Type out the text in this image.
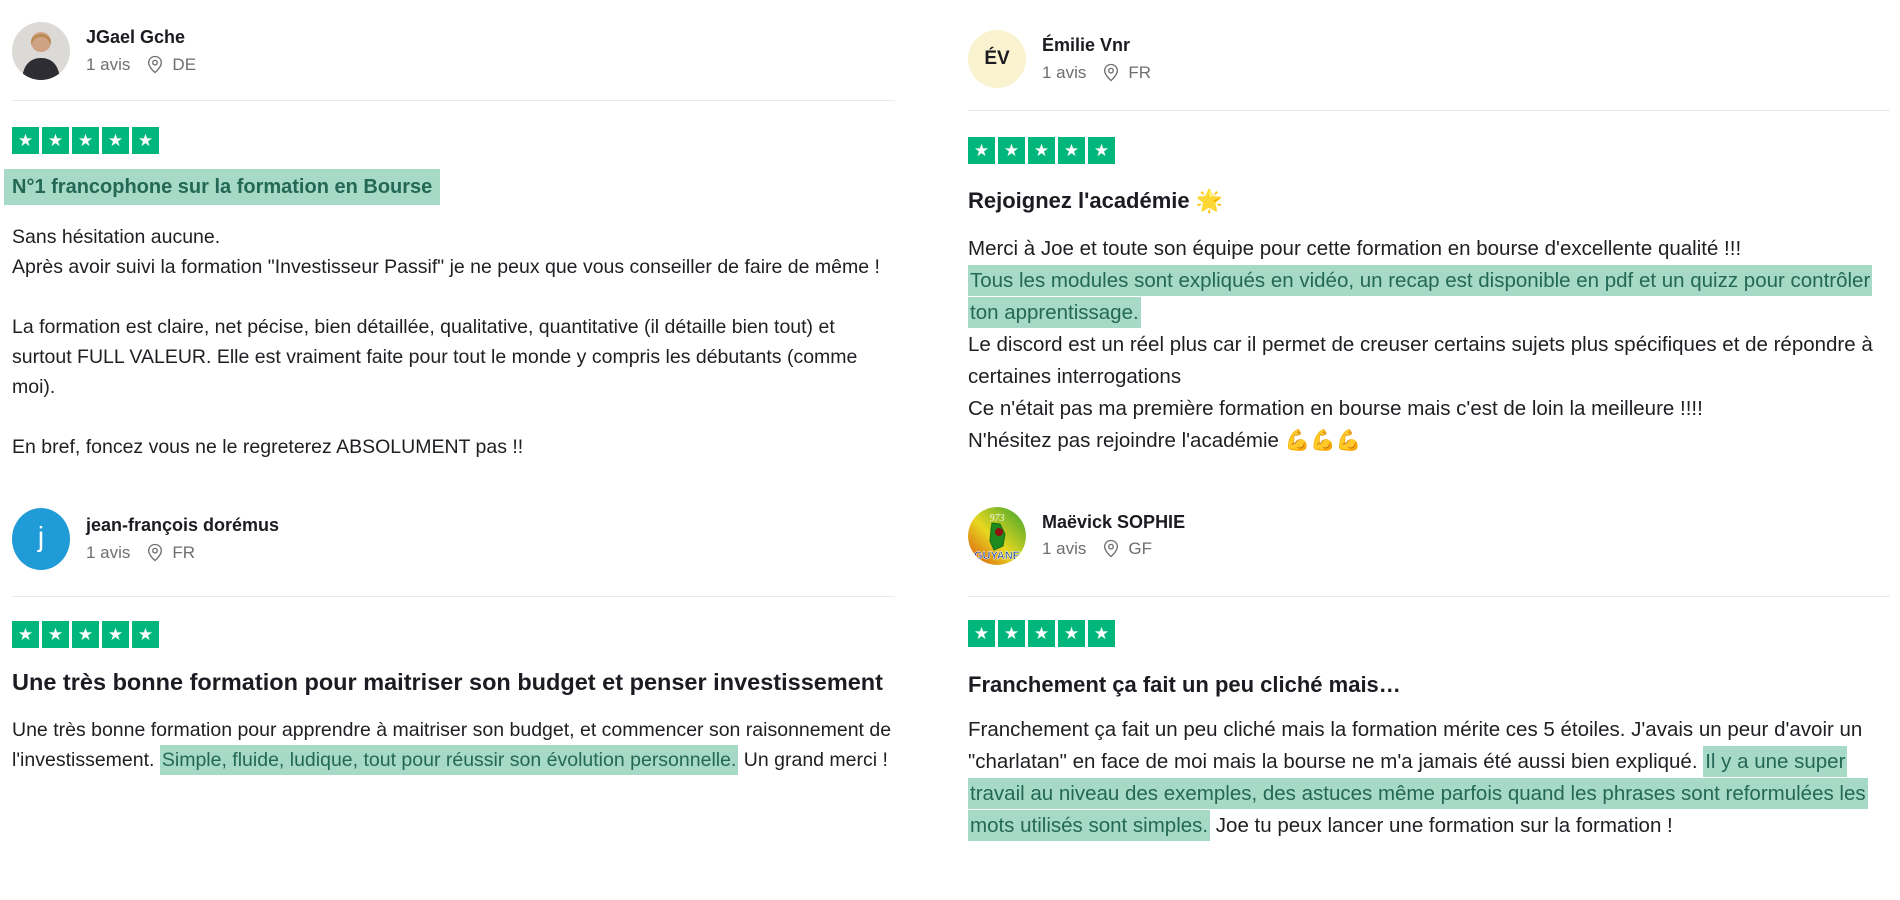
JGael Gche
1 avis DE
★ ★ ★ ★ ★
N°1 francophone sur la formation en Bourse
Sans hésitation aucune.
Après avoir suivi la formation "Investisseur Passif" je ne peux que vous conseiller de faire de même !

La formation est claire, net pécise, bien détaillée, qualitative, quantitative (il détaille bien tout) et surtout FULL VALEUR. Elle est vraiment faite pour tout le monde y compris les débutants (comme moi).

En bref, foncez vous ne le regreterez ABSOLUMENT pas !!
j	jean-françois dorémus
1 avis FR
★ ★ ★ ★ ★
Une très bonne formation pour maitriser son budget et penser investissement
Une très bonne formation pour apprendre à maitriser son budget, et commencer son raisonnement de l'investissement. Simple, fluide, ludique, tout pour réussir son évolution personnelle. Un grand merci !
ÉV
Émilie Vnr
1 avis FR
★ ★ ★ ★ ★
Rejoignez l'académie 🌟
Merci à Joe et toute son équipe pour cette formation en bourse d'excellente qualité !!!
Tous les modules sont expliqués en vidéo, un recap est disponible en pdf et un quizz pour contrôler ton apprentissage.
Le discord est un réel plus car il permet de creuser certains sujets plus spécifiques et de répondre à certaines interrogations
Ce n'était pas ma première formation en bourse mais c'est de loin la meilleure !!!!
N'hésitez pas rejoindre l'académie 💪💪💪
973
GUYANE
Maëvick SOPHIE
1 avis GF
★ ★ ★ ★ ★
Franchement ça fait un peu cliché mais…
Franchement ça fait un peu cliché mais la formation mérite ces 5 étoiles. J'avais un peur d'avoir un "charlatan" en face de moi mais la bourse ne m'a jamais été aussi bien expliqué. Il y a une super travail au niveau des exemples, des astuces même parfois quand les phrases sont reformulées les mots utilisés sont simples. Joe tu peux lancer une formation sur la formation !
